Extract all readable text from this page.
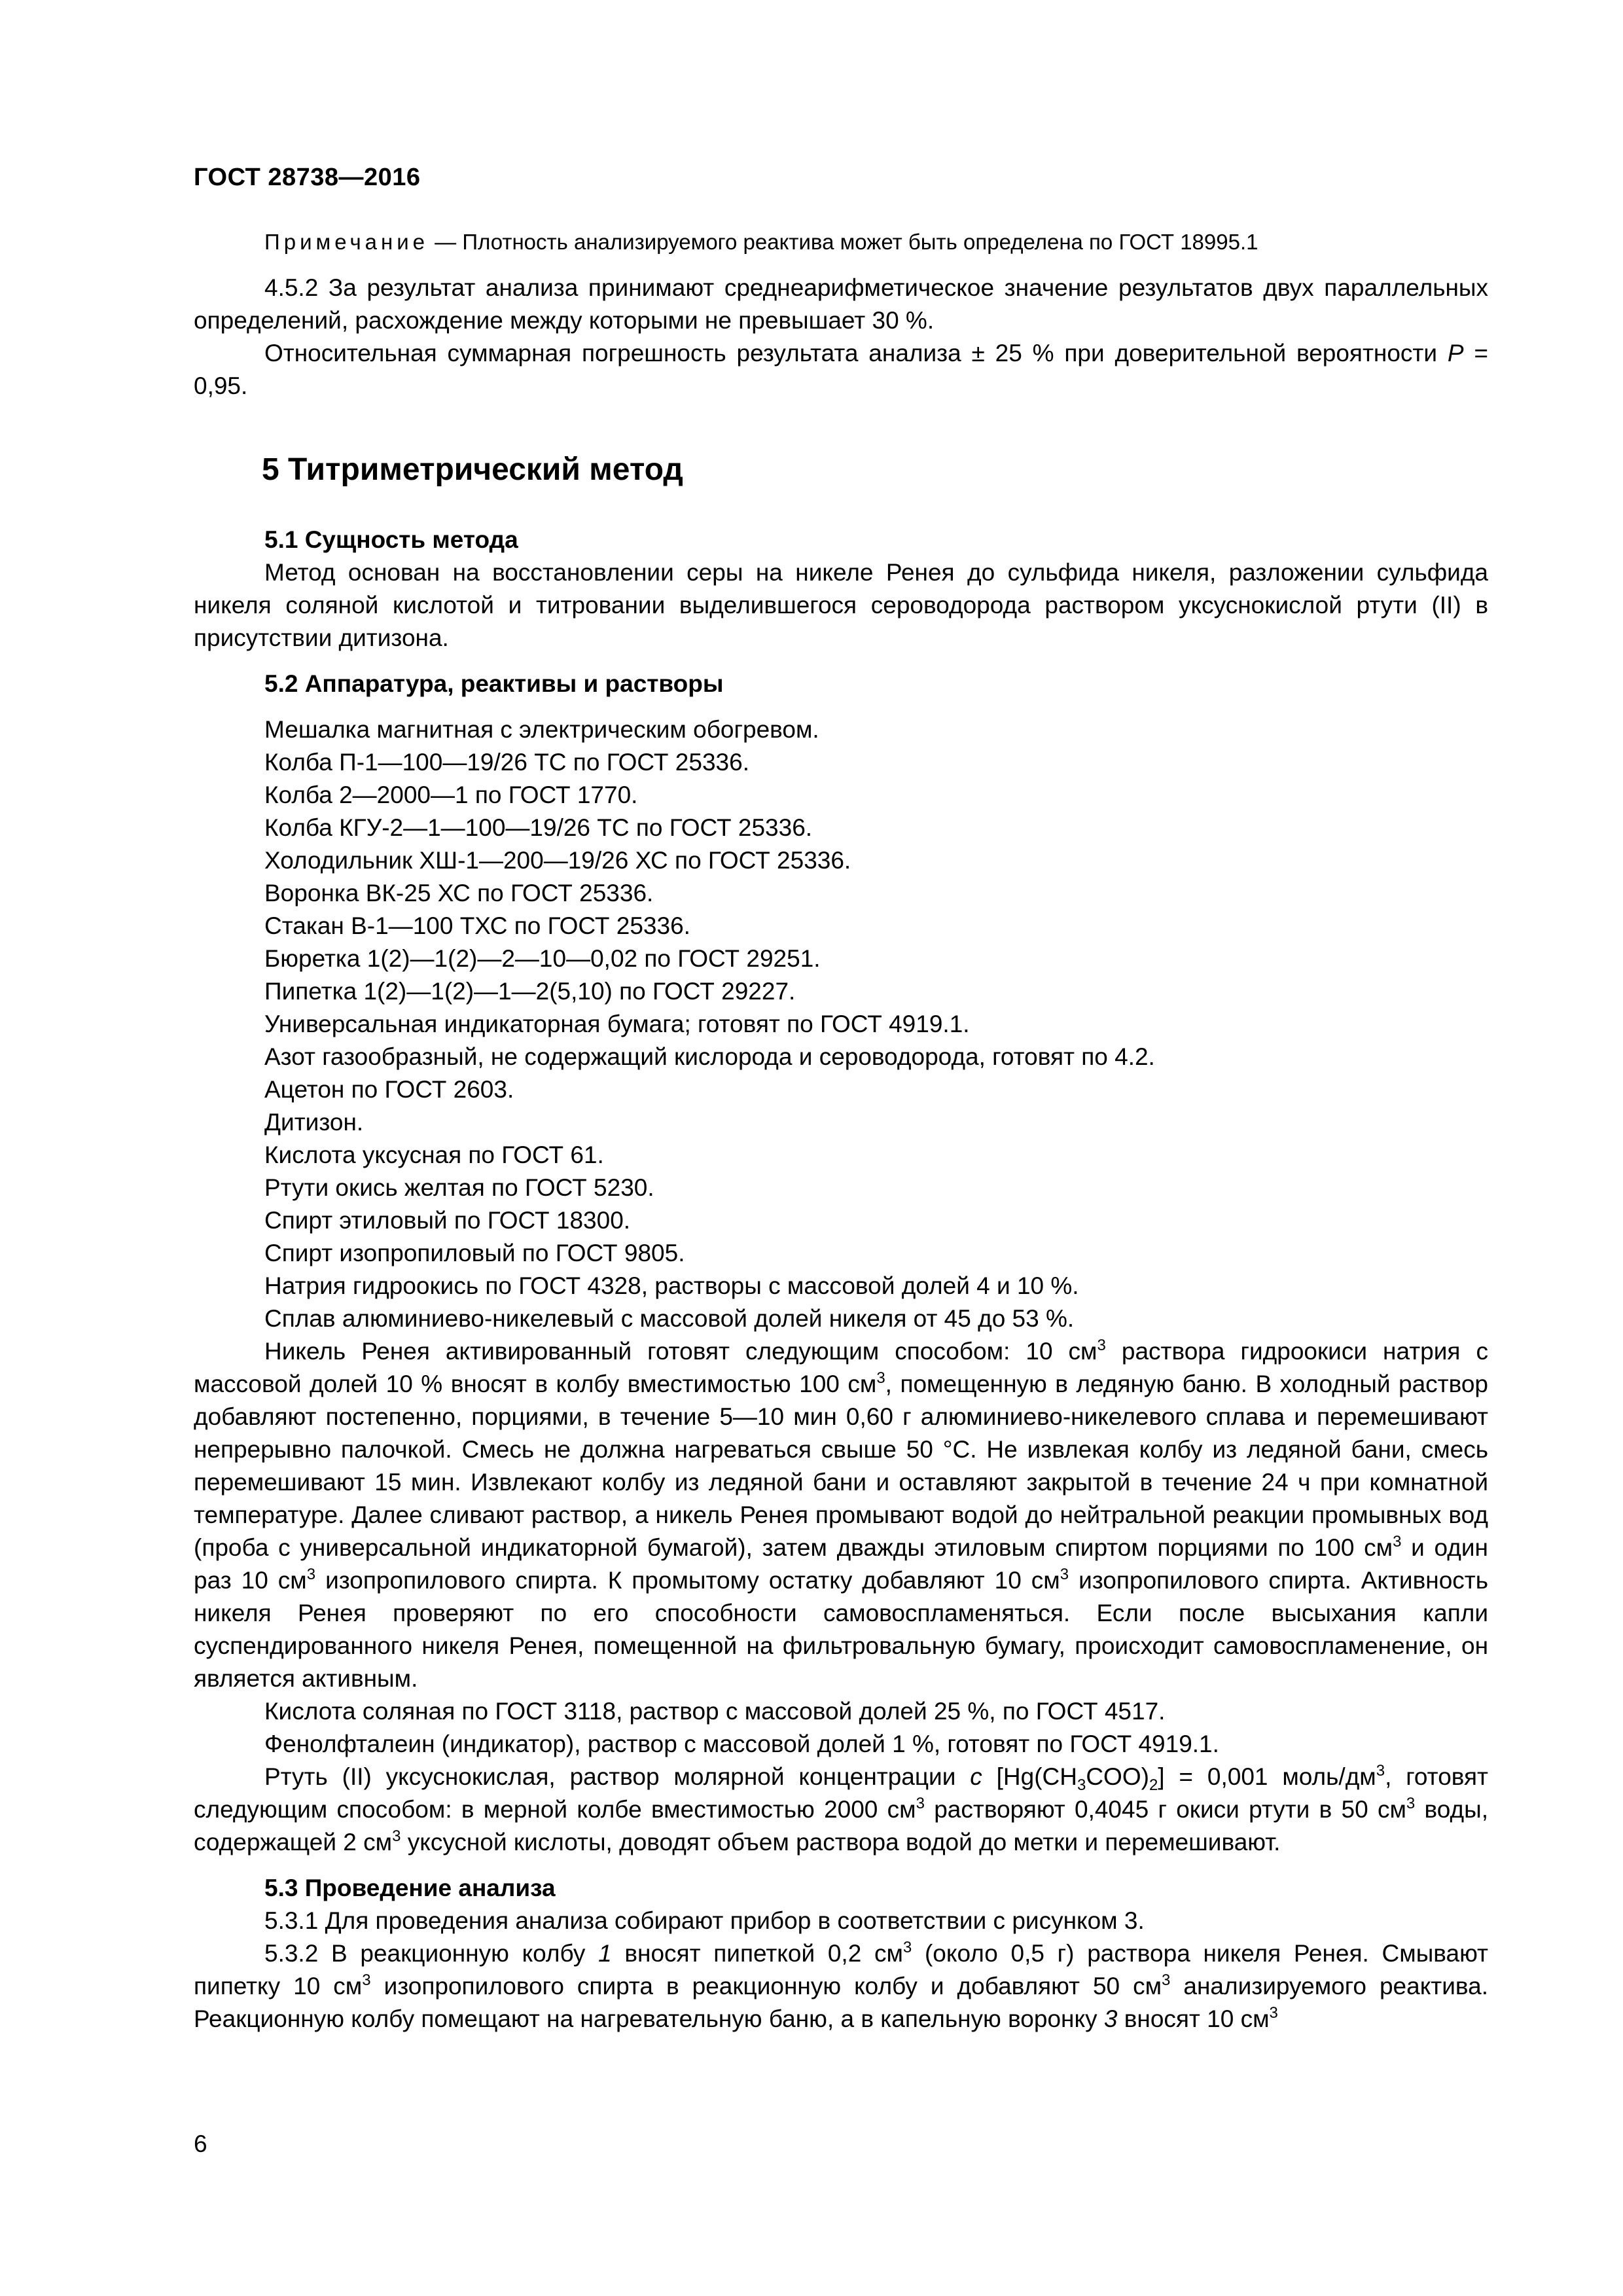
ГОСТ 28738—2016

Примечание — Плотность анализируемого реактива может быть определена по ГОСТ 18995.1

4.5.2 За результат анализа принимают среднеарифметическое значение результатов двух параллельных определений, расхождение между которыми не превышает 30 %.

Относительная суммарная погрешность результата анализа ± 25 % при доверительной вероятности P = 0,95.

5 Титриметрический метод

5.1 Сущность метода

Метод основан на восстановлении серы на никеле Ренея до сульфида никеля, разложении сульфида никеля соляной кислотой и титровании выделившегося сероводорода раствором уксуснокислой ртути (II) в присутствии дитизона.

5.2 Аппаратура, реактивы и растворы

Мешалка магнитная с электрическим обогревом.
Колба П-1—100—19/26 ТС по ГОСТ 25336.
Колба 2—2000—1 по ГОСТ 1770.
Колба КГУ-2—1—100—19/26 ТС по ГОСТ 25336.
Холодильник ХШ-1—200—19/26 ХС по ГОСТ 25336.
Воронка ВК-25 ХС по ГОСТ 25336.
Стакан В-1—100 ТХС по ГОСТ 25336.
Бюретка 1(2)—1(2)—2—10—0,02 по ГОСТ 29251.
Пипетка 1(2)—1(2)—1—2(5,10) по ГОСТ 29227.
Универсальная индикаторная бумага; готовят по ГОСТ 4919.1.
Азот газообразный, не содержащий кислорода и сероводорода, готовят по 4.2.
Ацетон по ГОСТ 2603.
Дитизон.
Кислота уксусная по ГОСТ 61.
Ртути окись желтая по ГОСТ 5230.
Спирт этиловый по ГОСТ 18300.
Спирт изопропиловый по ГОСТ 9805.
Натрия гидроокись по ГОСТ 4328, растворы с массовой долей 4 и 10 %.
Сплав алюминиево-никелевый с массовой долей никеля от 45 до 53 %.

Никель Ренея активированный готовят следующим способом: 10 $см^3$ раствора гидроокиси натрия с массовой долей 10 % вносят в колбу вместимостью 100 $см^3$, помещенную в ледяную баню. В холодный раствор добавляют постепенно, порциями, в течение 5—10 мин 0,60 г алюминиево-никелевого сплава и перемешивают непрерывно палочкой. Смесь не должна нагреваться свыше 50 °С. Не извлекая колбу из ледяной бани, смесь перемешивают 15 мин. Извлекают колбу из ледяной бани и оставляют закрытой в течение 24 ч при комнатной температуре. Далее сливают раствор, а никель Ренея промывают водой до нейтральной реакции промывных вод (проба с универсальной индикаторной бумагой), затем дважды этиловым спиртом порциями по 100 $см^3$ и один раз 10 $см^3$ изопропилового спирта. К промытому остатку добавляют 10 $см^3$ изопропилового спирта. Активность никеля Ренея проверяют по его способности самовоспламеняться. Если после высыхания капли суспендированного никеля Ренея, помещенной на фильтровальную бумагу, происходит самовоспламенение, он является активным.

Кислота соляная по ГОСТ 3118, раствор с массовой долей 25 %, по ГОСТ 4517.

Фенолфталеин (индикатор), раствор с массовой долей 1 %, готовят по ГОСТ 4919.1.

Ртуть (II) уксуснокислая, раствор молярной концентрации с $[Hg(CH_3COO)_2] = 0,001$ моль/$дм^3$, готовят следующим способом: в мерной колбе вместимостью 2000 $см^3$ растворяют 0,4045 г окиси ртути в 50 $см^3$ воды, содержащей 2 $см^3$ уксусной кислоты, доводят объем раствора водой до метки и перемешивают.

5.3 Проведение анализа

5.3.1 Для проведения анализа собирают прибор в соответствии с рисунком 3.

5.3.2 В реакционную колбу 1 вносят пипеткой 0,2 $см^3$ (около 0,5 г) раствора никеля Ренея. Смывают пипетку 10 $см^3$ изопропилового спирта в реакционную колбу и добавляют 50 $см^3$ анализируемого реактива. Реакционную колбу помещают на нагревательную баню, а в капельную воронку 3 вносят 10 $см^3$

6
